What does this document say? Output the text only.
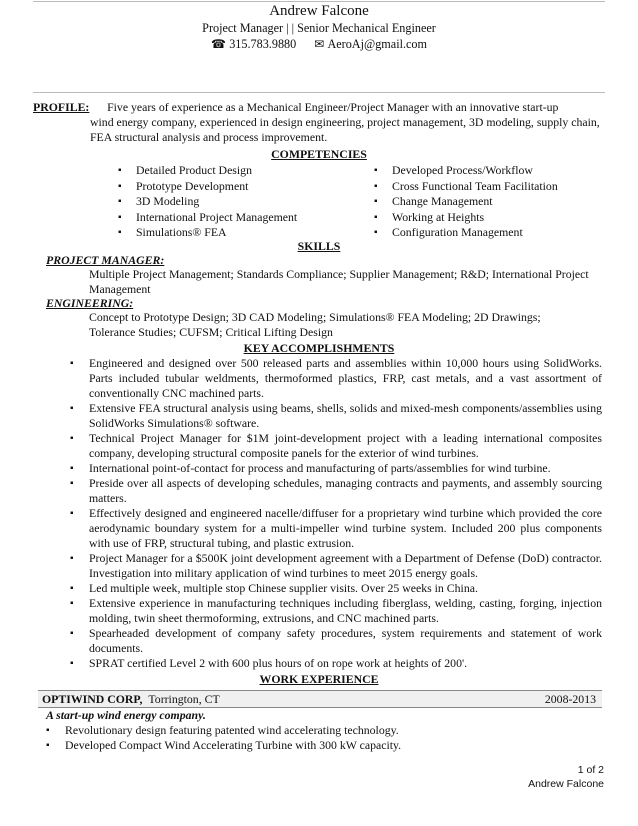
Andrew Falcone
Project Manager | | Senior Mechanical Engineer
☎ 315.783.9880 ✉ AeroAj@gmail.com
PROFILE: Five years of experience as a Mechanical Engineer/Project Manager with an innovative start-up
wind energy company, experienced in design engineering, project management, 3D modeling, supply chain, FEA structural analysis and process improvement.
COMPETENCIES
▪ Detailed Product Design
▪ Prototype Development
▪ 3D Modeling
▪ International Project Management
▪ Simulations® FEA
▪ Developed Process/Workflow
▪ Cross Functional Team Facilitation
▪ Change Management
▪ Working at Heights
▪ Configuration Management
SKILLS
PROJECT MANAGER:
Multiple Project Management; Standards Compliance; Supplier Management; R&D; International Project Management
ENGINEERING:
Concept to Prototype Design; 3D CAD Modeling; Simulations® FEA Modeling; 2D Drawings; Tolerance Studies; CUFSM; Critical Lifting Design
KEY ACCOMPLISHMENTS
▪ Engineered and designed over 500 released parts and assemblies within 10,000 hours using SolidWorks. Parts included tubular weldments, thermoformed plastics, FRP, cast metals, and a vast assortment of conventionally CNC machined parts.
▪ Extensive FEA structural analysis using beams, shells, solids and mixed-mesh components/assemblies using SolidWorks Simulations® software.
▪ Technical Project Manager for $1M joint-development project with a leading international composites company, developing structural composite panels for the exterior of wind turbines.
▪ International point-of-contact for process and manufacturing of parts/assemblies for wind turbine.
▪ Preside over all aspects of developing schedules, managing contracts and payments, and assembly sourcing matters.
▪ Effectively designed and engineered nacelle/diffuser for a proprietary wind turbine which provided the core aerodynamic boundary system for a multi-impeller wind turbine system. Included 200 plus components with use of FRP, structural tubing, and plastic extrusion.
▪ Project Manager for a $500K joint development agreement with a Department of Defense (DoD) contractor. Investigation into military application of wind turbines to meet 2015 energy goals.
▪ Led multiple week, multiple stop Chinese supplier visits. Over 25 weeks in China.
▪ Extensive experience in manufacturing techniques including fiberglass, welding, casting, forging, injection molding, twin sheet thermoforming, extrusions, and CNC machined parts.
▪ Spearheaded development of company safety procedures, system requirements and statement of work documents.
▪ SPRAT certified Level 2 with 600 plus hours of on rope work at heights of 200'.
WORK EXPERIENCE
OPTIWIND CORP, Torrington, CT	2008-2013
A start-up wind energy company.
▪ Revolutionary design featuring patented wind accelerating technology.
▪ Developed Compact Wind Accelerating Turbine with 300 kW capacity.
1 of 2
Andrew Falcone
